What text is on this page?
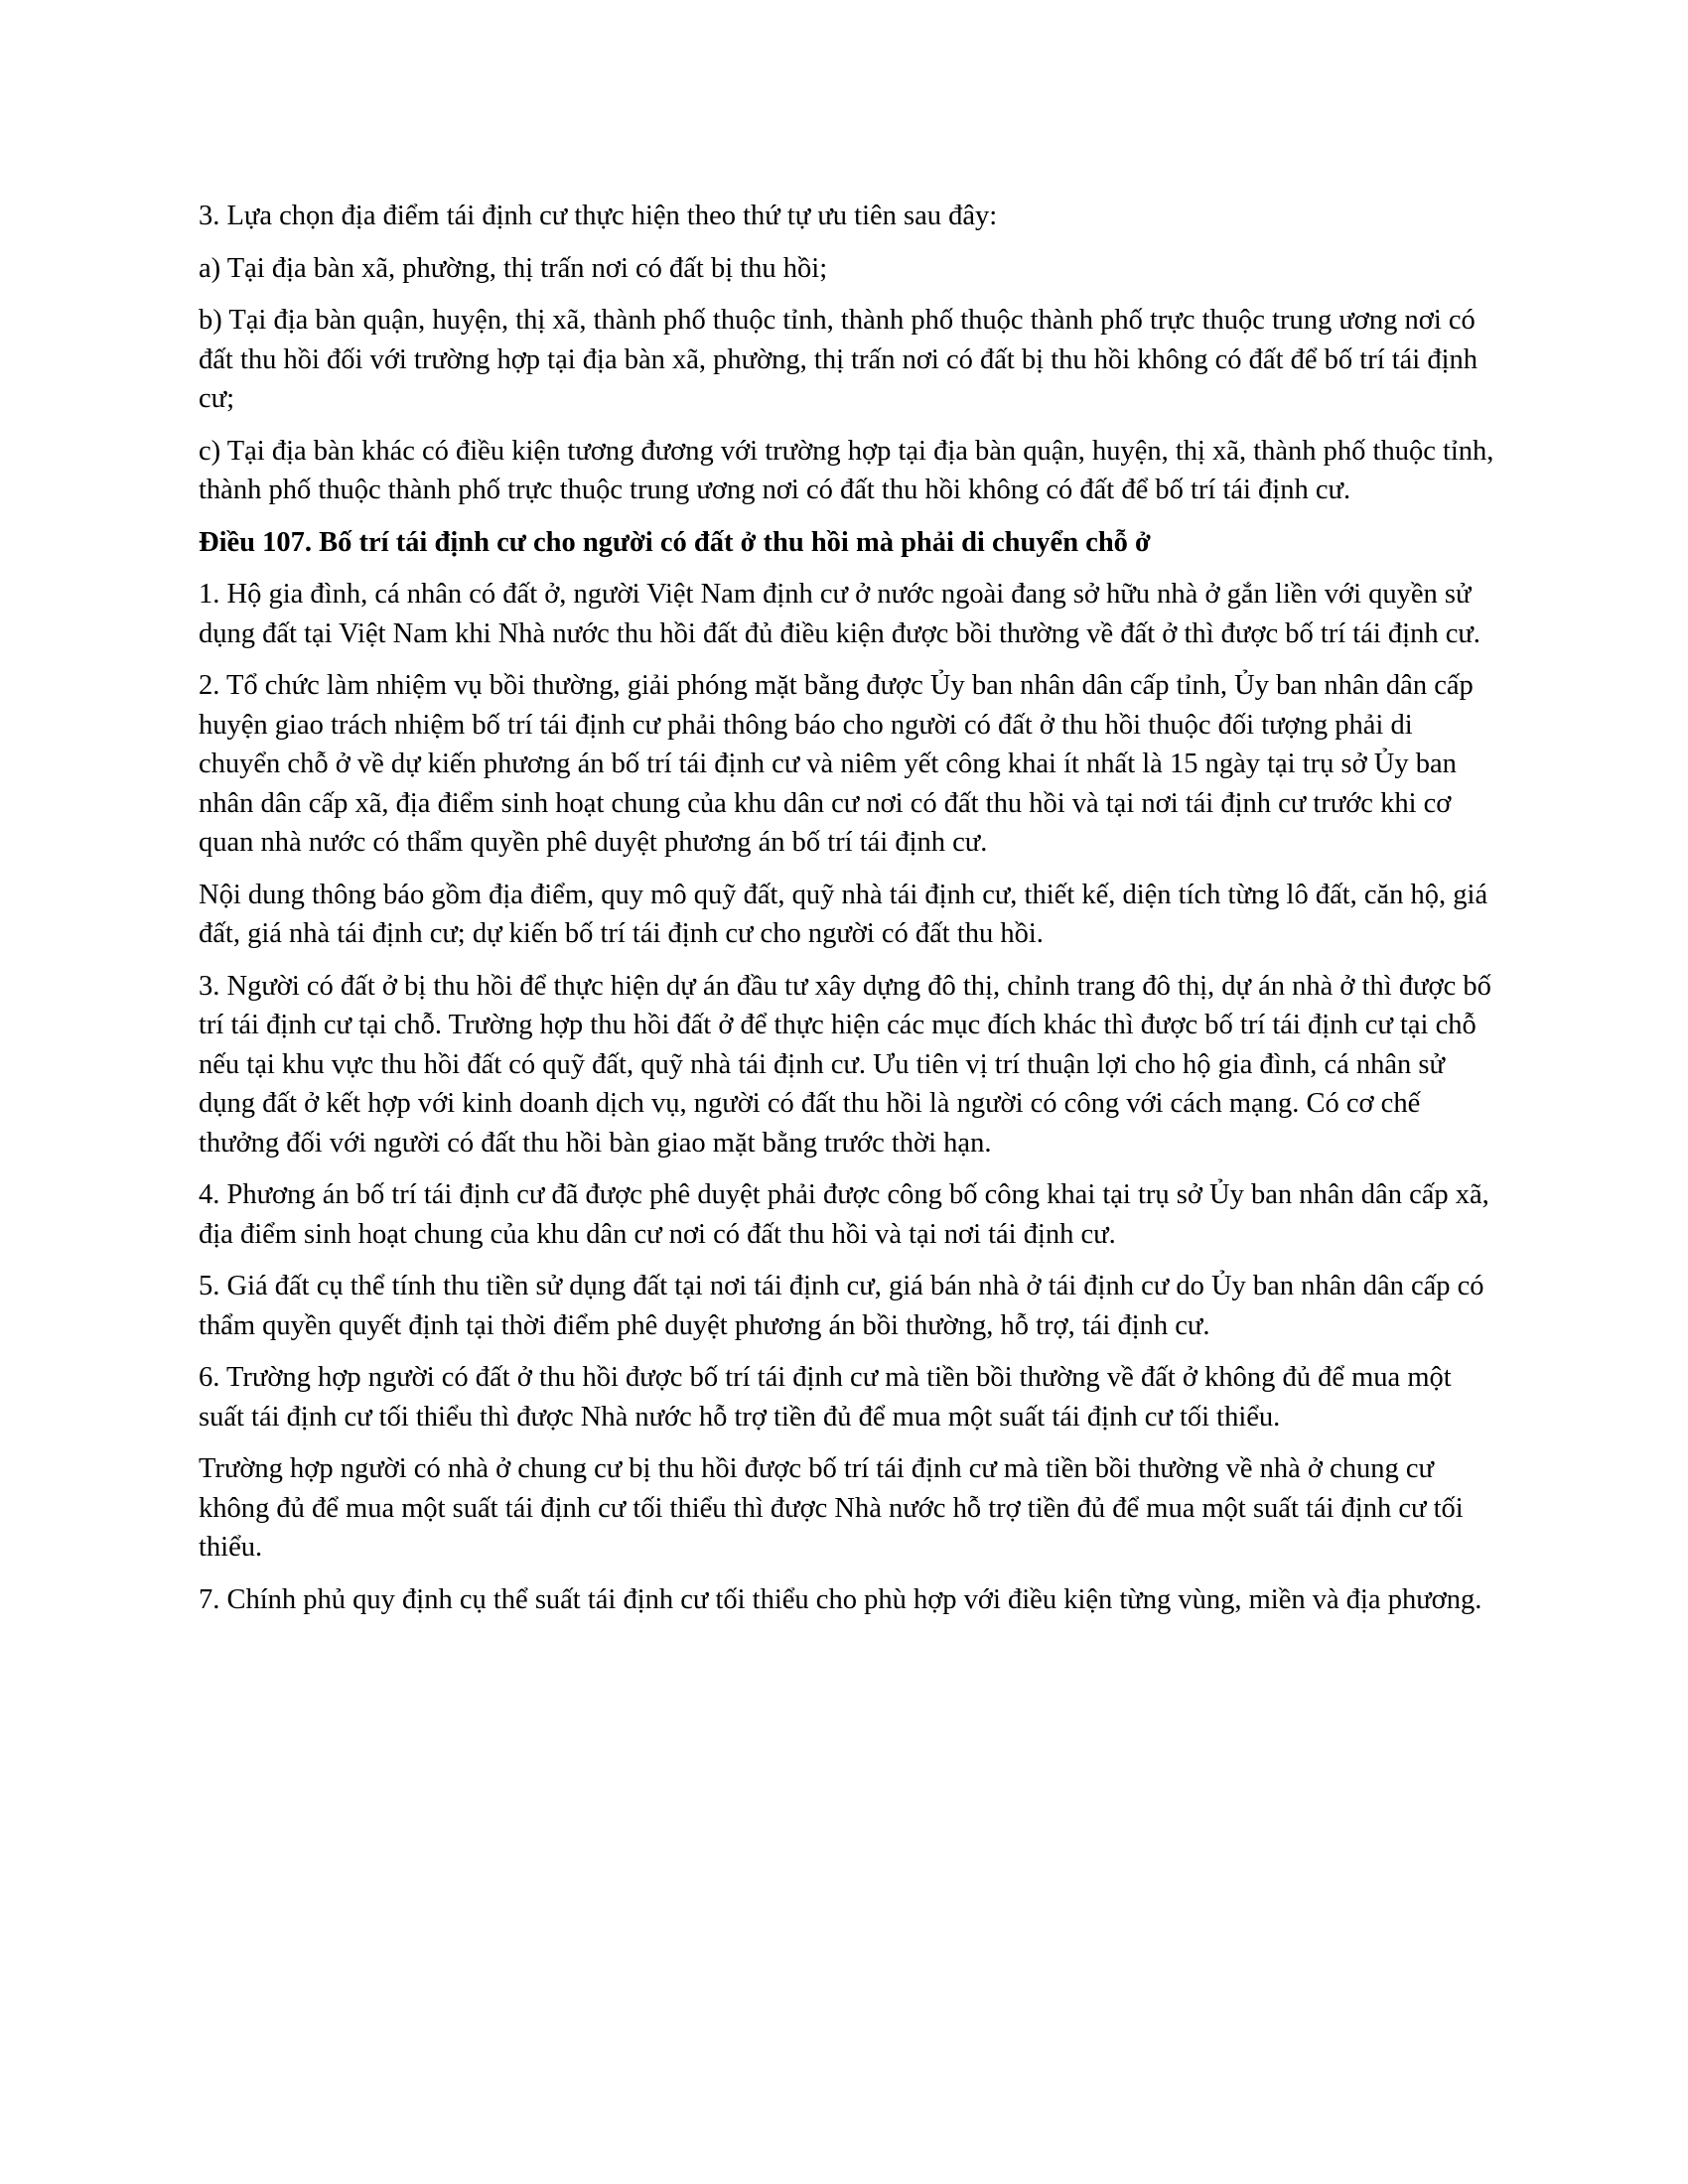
3. Lựa chọn địa điểm tái định cư thực hiện theo thứ tự ưu tiên sau đây:

a) Tại địa bàn xã, phường, thị trấn nơi có đất bị thu hồi;

b) Tại địa bàn quận, huyện, thị xã, thành phố thuộc tỉnh, thành phố thuộc thành phố trực thuộc trung ương nơi có đất thu hồi đối với trường hợp tại địa bàn xã, phường, thị trấn nơi có đất bị thu hồi không có đất để bố trí tái định cư;

c) Tại địa bàn khác có điều kiện tương đương với trường hợp tại địa bàn quận, huyện, thị xã, thành phố thuộc tỉnh, thành phố thuộc thành phố trực thuộc trung ương nơi có đất thu hồi không có đất để bố trí tái định cư.

Điều 107. Bố trí tái định cư cho người có đất ở thu hồi mà phải di chuyển chỗ ở

1. Hộ gia đình, cá nhân có đất ở, người Việt Nam định cư ở nước ngoài đang sở hữu nhà ở gắn liền với quyền sử dụng đất tại Việt Nam khi Nhà nước thu hồi đất đủ điều kiện được bồi thường về đất ở thì được bố trí tái định cư.

2. Tổ chức làm nhiệm vụ bồi thường, giải phóng mặt bằng được Ủy ban nhân dân cấp tỉnh, Ủy ban nhân dân cấp huyện giao trách nhiệm bố trí tái định cư phải thông báo cho người có đất ở thu hồi thuộc đối tượng phải di chuyển chỗ ở về dự kiến phương án bố trí tái định cư và niêm yết công khai ít nhất là 15 ngày tại trụ sở Ủy ban nhân dân cấp xã, địa điểm sinh hoạt chung của khu dân cư nơi có đất thu hồi và tại nơi tái định cư trước khi cơ quan nhà nước có thẩm quyền phê duyệt phương án bố trí tái định cư.

Nội dung thông báo gồm địa điểm, quy mô quỹ đất, quỹ nhà tái định cư, thiết kế, diện tích từng lô đất, căn hộ, giá đất, giá nhà tái định cư; dự kiến bố trí tái định cư cho người có đất thu hồi.

3. Người có đất ở bị thu hồi để thực hiện dự án đầu tư xây dựng đô thị, chỉnh trang đô thị, dự án nhà ở thì được bố trí tái định cư tại chỗ. Trường hợp thu hồi đất ở để thực hiện các mục đích khác thì được bố trí tái định cư tại chỗ nếu tại khu vực thu hồi đất có quỹ đất, quỹ nhà tái định cư. Ưu tiên vị trí thuận lợi cho hộ gia đình, cá nhân sử dụng đất ở kết hợp với kinh doanh dịch vụ, người có đất thu hồi là người có công với cách mạng. Có cơ chế thưởng đối với người có đất thu hồi bàn giao mặt bằng trước thời hạn.

4. Phương án bố trí tái định cư đã được phê duyệt phải được công bố công khai tại trụ sở Ủy ban nhân dân cấp xã, địa điểm sinh hoạt chung của khu dân cư nơi có đất thu hồi và tại nơi tái định cư.

5. Giá đất cụ thể tính thu tiền sử dụng đất tại nơi tái định cư, giá bán nhà ở tái định cư do Ủy ban nhân dân cấp có thẩm quyền quyết định tại thời điểm phê duyệt phương án bồi thường, hỗ trợ, tái định cư.

6. Trường hợp người có đất ở thu hồi được bố trí tái định cư mà tiền bồi thường về đất ở không đủ để mua một suất tái định cư tối thiểu thì được Nhà nước hỗ trợ tiền đủ để mua một suất tái định cư tối thiểu.

Trường hợp người có nhà ở chung cư bị thu hồi được bố trí tái định cư mà tiền bồi thường về nhà ở chung cư không đủ để mua một suất tái định cư tối thiểu thì được Nhà nước hỗ trợ tiền đủ để mua một suất tái định cư tối thiểu.

7. Chính phủ quy định cụ thể suất tái định cư tối thiểu cho phù hợp với điều kiện từng vùng, miền và địa phương.
